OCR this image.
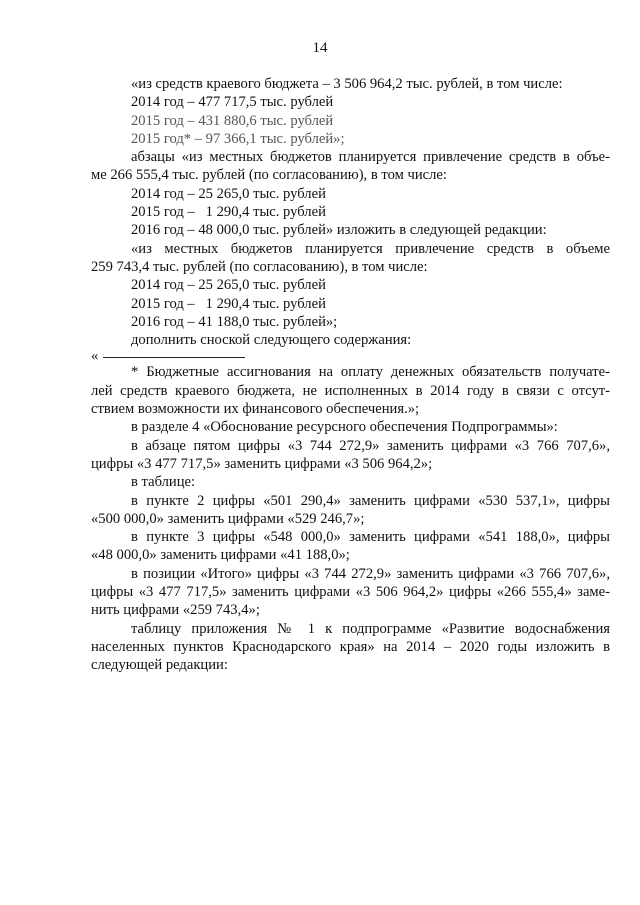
14
«из средств краевого бюджета – 3 506 964,2 тыс. рублей, в том числе:
2014 год – 477 717,5 тыс. рублей
2015 год – 431 880,6 тыс. рублей
2015 год* – 97 366,1 тыс. рублей»;
абзацы «из местных бюджетов планируется привлечение средств в объе-
ме 266 555,4 тыс. рублей (по согласованию), в том числе:
2014 год – 25 265,0 тыс. рублей
2015 год –   1 290,4 тыс. рублей
2016 год – 48 000,0 тыс. рублей» изложить в следующей редакции:
«из местных бюджетов планируется привлечение средств в объеме
259 743,4 тыс. рублей (по согласованию), в том числе:
2014 год – 25 265,0 тыс. рублей
2015 год –   1 290,4 тыс. рублей
2016 год – 41 188,0 тыс. рублей»;
дополнить сноской следующего содержания:
«
* Бюджетные ассигнования на оплату денежных обязательств получате-
лей средств краевого бюджета, не исполненных в 2014 году в связи с отсут-
ствием возможности их финансового обеспечения.»;
в разделе 4 «Обоснование ресурсного обеспечения Подпрограммы»:
в абзаце пятом цифры «3 744 272,9» заменить цифрами «3 766 707,6»,
цифры «3 477 717,5» заменить цифрами «3 506 964,2»;
в таблице:
в пункте 2 цифры «501 290,4» заменить цифрами «530 537,1», цифры
«500 000,0» заменить цифрами «529 246,7»;
в пункте 3 цифры «548 000,0» заменить цифрами «541 188,0», цифры
«48 000,0» заменить цифрами «41 188,0»;
в позиции «Итого» цифры «3 744 272,9» заменить цифрами «3 766 707,6»,
цифры «3 477 717,5» заменить цифрами «3 506 964,2» цифры «266 555,4» заме-
нить цифрами «259 743,4»;
таблицу приложения № 1 к подпрограмме «Развитие водоснабжения
населенных пунктов Краснодарского края» на 2014 – 2020 годы изложить в
следующей редакции:
